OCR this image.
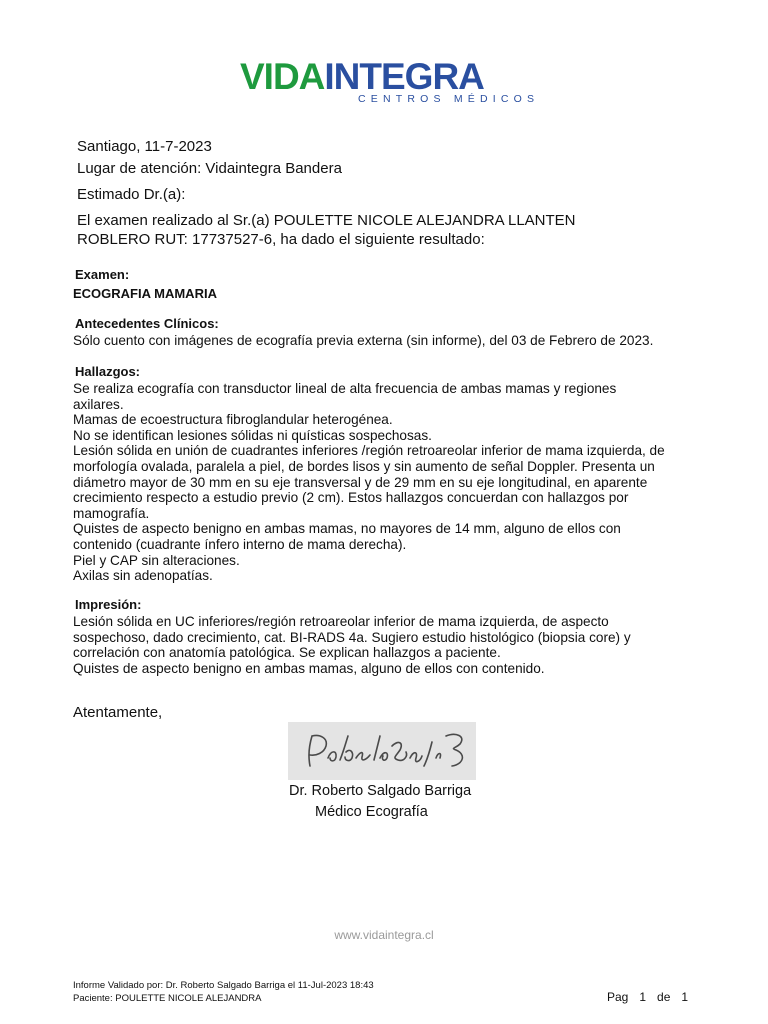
VIDAINTEGRA
CENTROS MÉDICOS
Santiago, 11-7-2023
Lugar de atención: Vidaintegra Bandera
Estimado Dr.(a):
El examen realizado al Sr.(a) POULETTE NICOLE ALEJANDRA LLANTEN
ROBLERO RUT: 17737527-6, ha dado el siguiente resultado:
Examen:
ECOGRAFIA MAMARIA
Antecedentes Clínicos:
Sólo cuento con imágenes de ecografía previa externa (sin informe), del 03 de Febrero de 2023.
Hallazgos:
Se realiza ecografía con transductor lineal de alta frecuencia de ambas mamas y regiones
axilares.
Mamas de ecoestructura fibroglandular heterogénea.
No se identifican lesiones sólidas ni quísticas sospechosas.
Lesión sólida en unión de cuadrantes inferiores /región retroareolar inferior de mama izquierda, de
morfología ovalada, paralela a piel, de bordes lisos y sin aumento de señal Doppler. Presenta un
diámetro mayor de 30 mm en su eje transversal y de 29 mm en su eje longitudinal, en aparente
crecimiento respecto a estudio previo (2 cm). Estos hallazgos concuerdan con hallazgos por
mamografía.
Quistes de aspecto benigno en ambas mamas, no mayores de 14 mm, alguno de ellos con
contenido (cuadrante ínfero interno de mama derecha).
Piel y CAP sin alteraciones.
Axilas sin adenopatías.
Impresión:
Lesión sólida en UC inferiores/región retroareolar inferior de mama izquierda, de aspecto
sospechoso, dado crecimiento, cat. BI-RADS 4a. Sugiero estudio histológico (biopsia core) y
correlación con anatomía patológica. Se explican hallazgos a paciente.
Quistes de aspecto benigno en ambas mamas, alguno de ellos con contenido.
Atentamente,
Dr. Roberto Salgado Barriga
Médico Ecografía
www.vidaintegra.cl
Informe Validado por: Dr. Roberto Salgado Barriga el 11-Jul-2023 18:43
Paciente: POULETTE NICOLE ALEJANDRA	Pag 1 de 1
